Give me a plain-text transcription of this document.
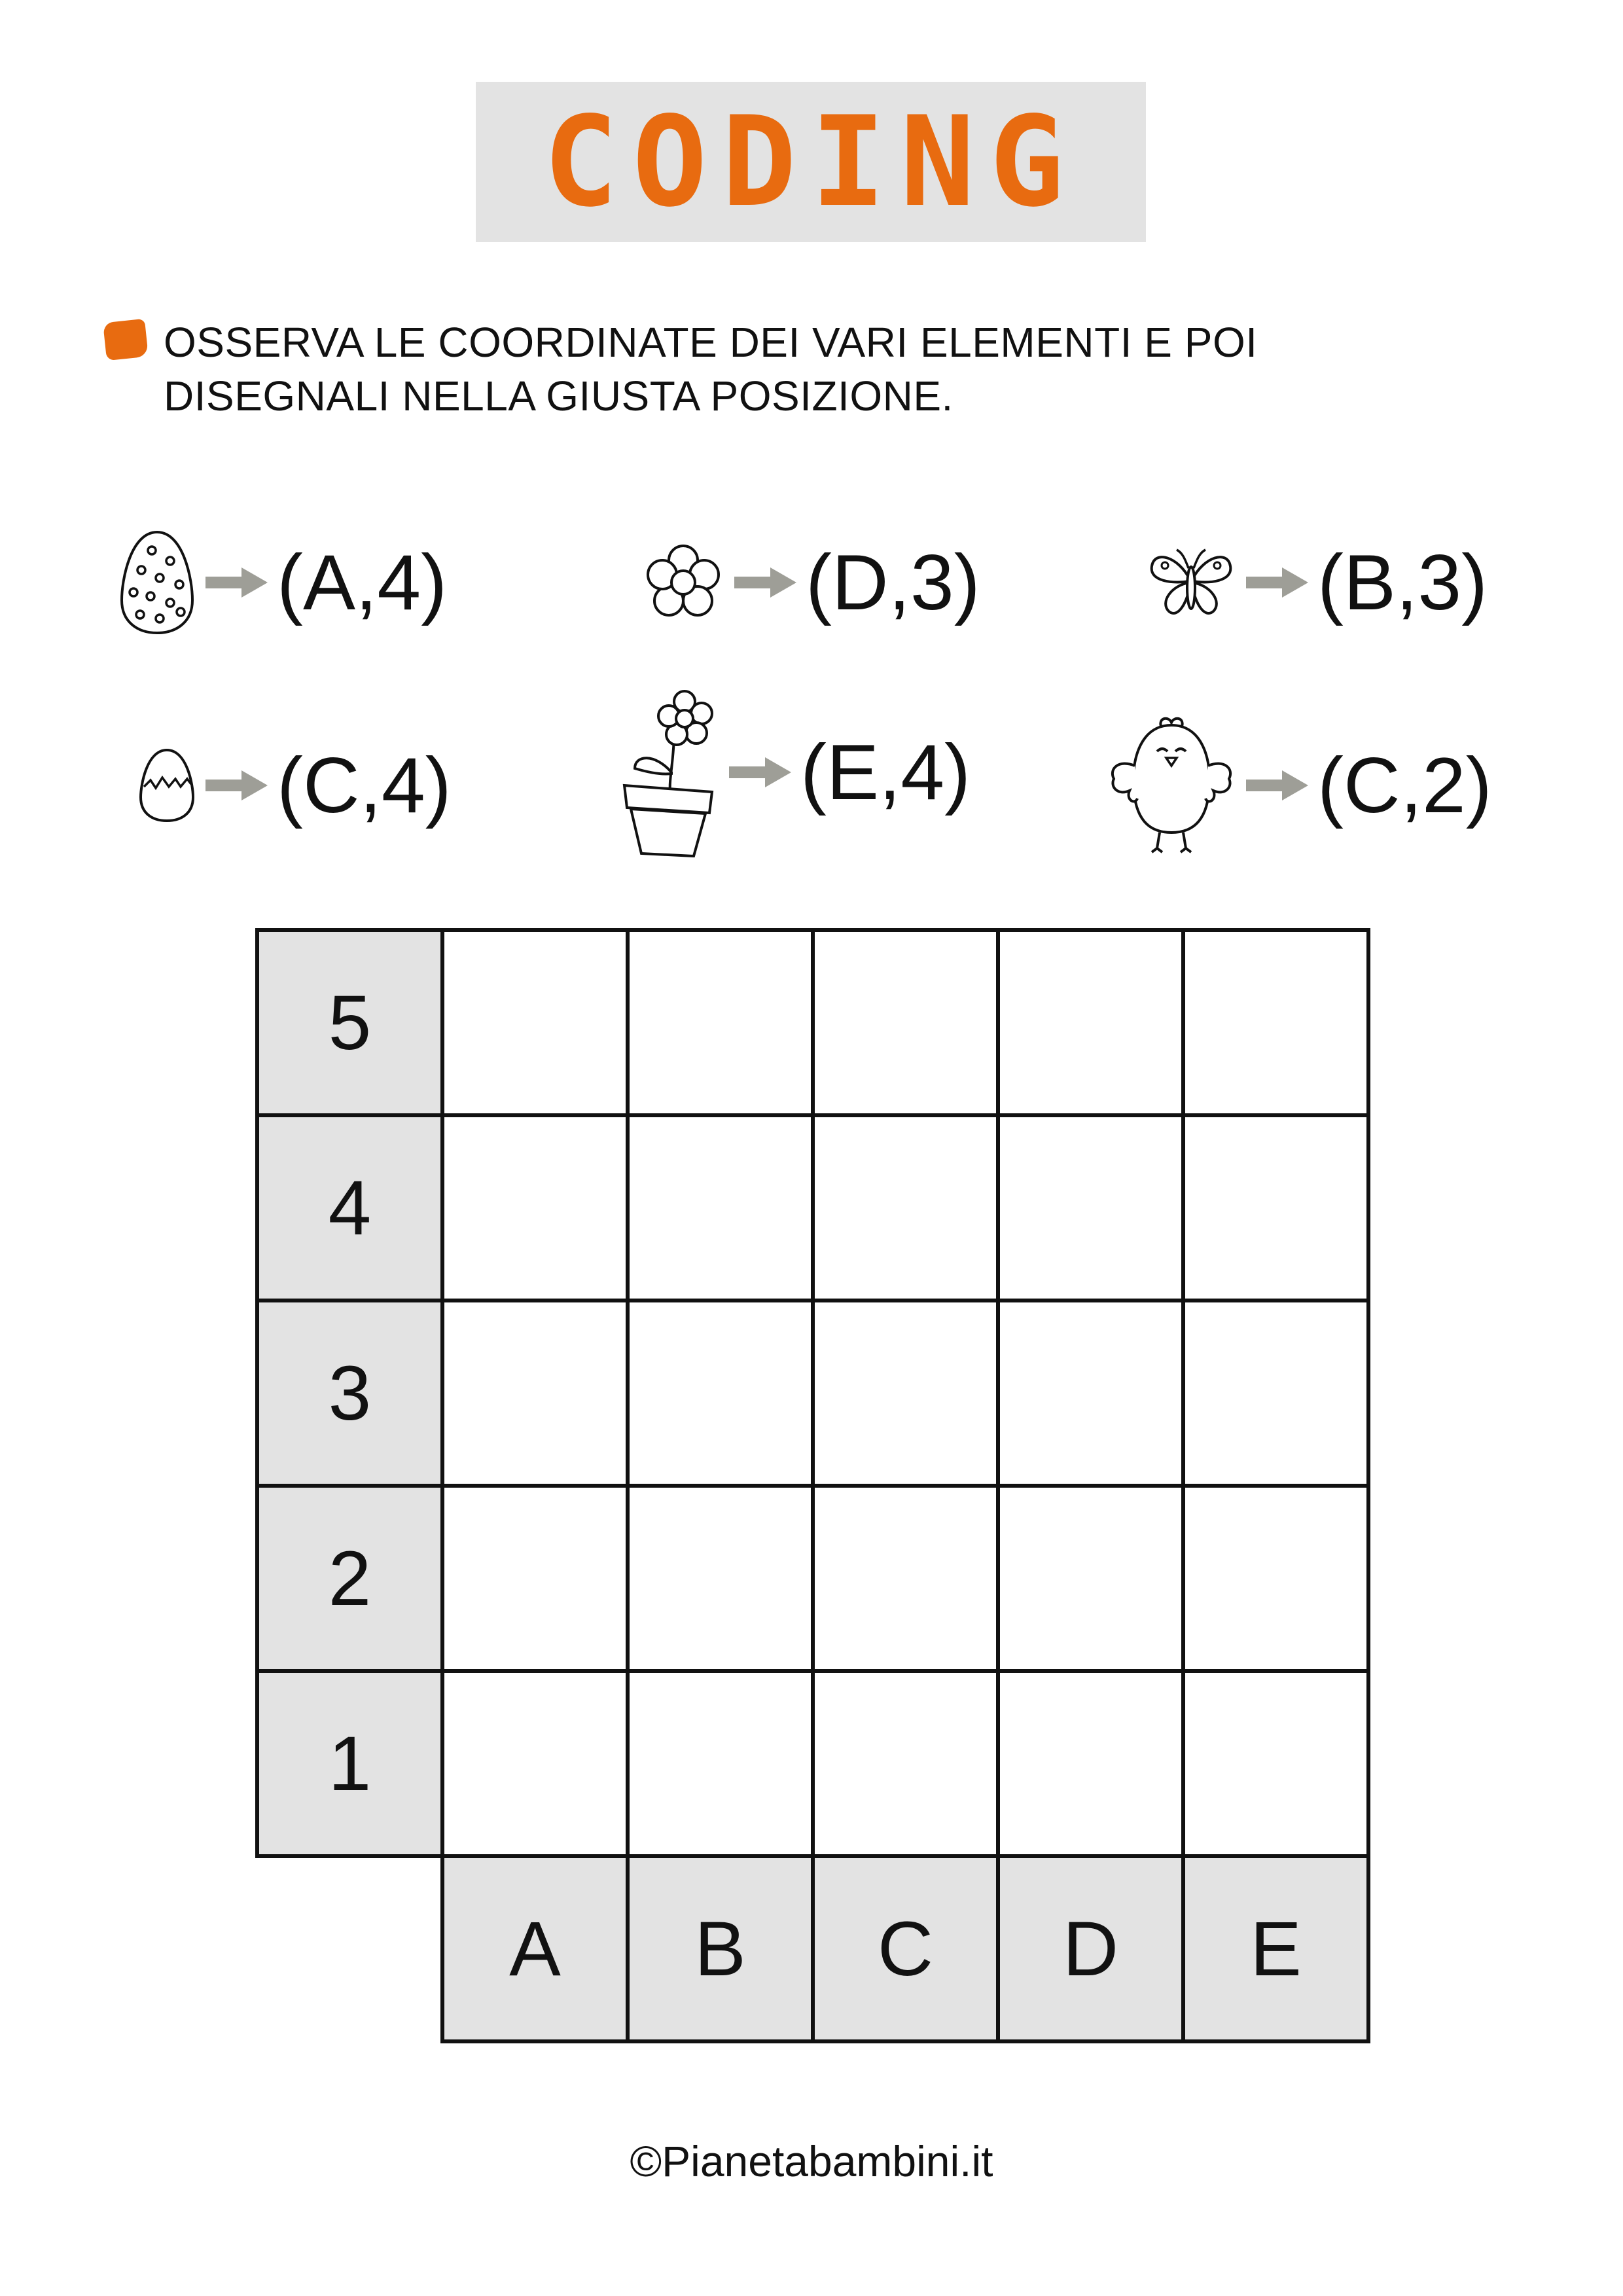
CODING
OSSERVA LE COORDINATE DEI VARI ELEMENTI E POI
DISEGNALI NELLA GIUSTA POSIZIONE.
(A,4)	(D,3)	(B,3)
(C,4)	(E,4)	(C,2)
5
4
3
2
1
A	B	C	D	E
©Pianetabambini.it
